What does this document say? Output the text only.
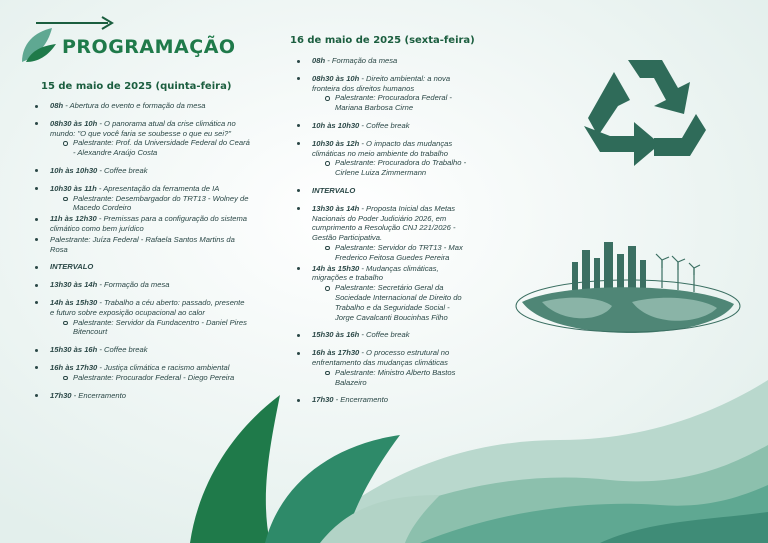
PROGRAMAÇÃO
15 de maio de 2025 (quinta-feira)
08h - Abertura do evento e formação da mesa
08h30 às 10h - O panorama atual da crise climática no mundo: "O que você faria se soubesse o que eu sei?"
Palestrante: Prof. da Universidade Federal do Ceará - Alexandre Araújo Costa
10h às 10h30 - Coffee break
10h30 às 11h - Apresentação da ferramenta de IA
Palestrante: Desembargador do TRT13 - Wolney de Macedo Cordeiro
11h às 12h30 - Premissas para a configuração do sistema climático como bem jurídico
Palestrante: Juíza Federal - Rafaela Santos Martins da Rosa
INTERVALO
13h30 às 14h - Formação da mesa
14h às 15h30 - Trabalho a céu aberto: passado, presente e futuro sobre exposição ocupacional ao calor
Palestrante: Servidor da Fundacentro - Daniel Pires Bitencourt
15h30 às 16h - Coffee break
16h às 17h30 - Justiça climática e racismo ambiental
Palestrante: Procurador Federal - Diego Pereira
17h30 - Encerramento
16 de maio de 2025 (sexta-feira)
08h - Formação da mesa
08h30 às 10h - Direito ambiental: a nova fronteira dos direitos humanos
Palestrante: Procuradora Federal - Mariana Barbosa Cirne
10h às 10h30 - Coffee break
10h30 às 12h - O impacto das mudanças climáticas no meio ambiente do trabalho
Palestrante: Procuradora do Trabalho - Cirlene Luiza Zimmermann
INTERVALO
13h30 às 14h - Proposta Inicial das Metas Nacionais do Poder Judiciário 2026, em cumprimento a Resolução CNJ 221/2026 - Gestão Participativa.
Palestrante: Servidor do TRT13 - Max Frederico Feitosa Guedes Pereira
14h às 15h30 - Mudanças climáticas, migrações e trabalho
Palestrante: Secretário Geral da Sociedade Internacional de Direito do Trabalho e da Seguridade Social - Jorge Cavalcanti Boucinhas Filho
15h30 às 16h - Coffee break
16h às 17h30 - O processo estrutural no enfrentamento das mudanças climáticas
Palestrante: Ministro Alberto Bastos Balazeiro
17h30 - Encerramento
